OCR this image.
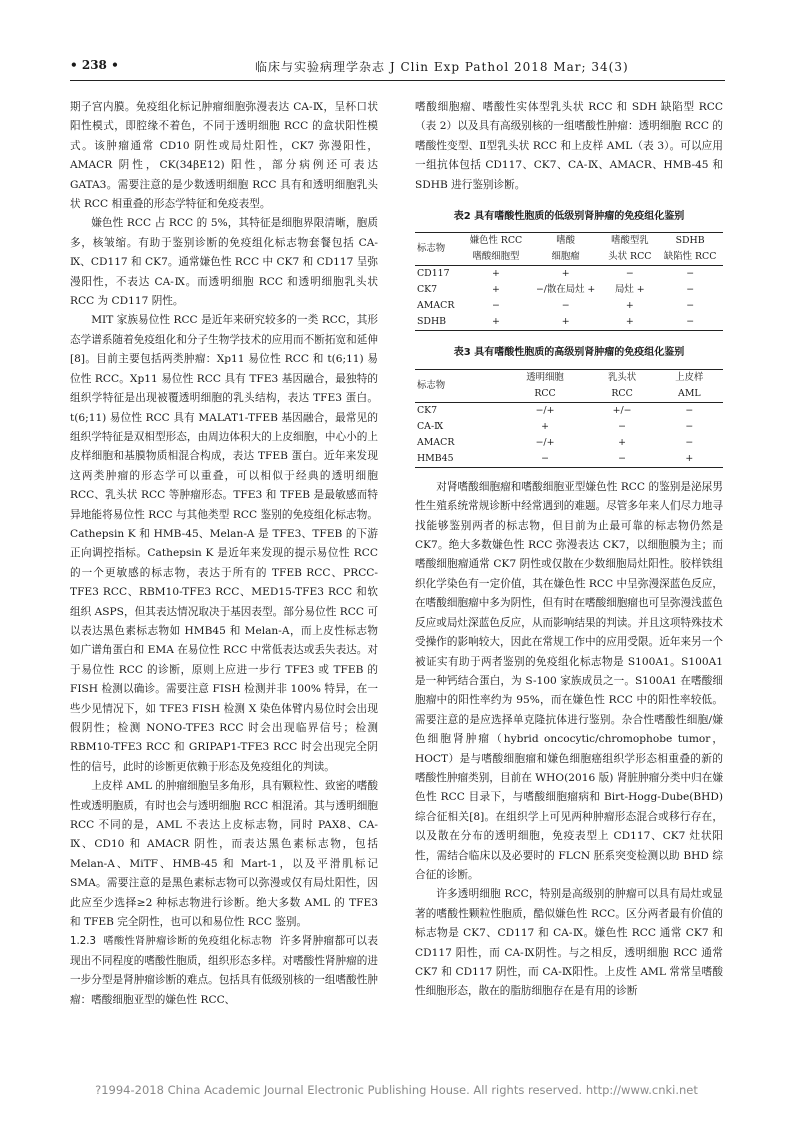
• 238 •	临床与实验病理学杂志 J Clin Exp Pathol 2018 Mar; 34(3)

期子宫内膜。免疫组化标记肿瘤细胞弥漫表达 CA-Ⅸ，呈杯口状阳性模式，即腔缘不着色，不同于透明细胞 RCC 的盒状阳性模式。该肿瘤通常 CD10 阴性或局灶阳性，CK7 弥漫阳性，AMACR 阴性，CK(34βE12) 阳性，部分病例还可表达 GATA3。需要注意的是少数透明细胞 RCC 具有和透明细胞乳头状 RCC 相重叠的形态学特征和免疫表型。

嫌色性 RCC 占 RCC 的 5%，其特征是细胞界限清晰，胞质多，核皱缩。有助于鉴别诊断的免疫组化标志物套餐包括 CA-Ⅸ、CD117 和 CK7。通常嫌色性 RCC 中 CK7 和 CD117 呈弥漫阳性，不表达 CA-Ⅸ。而透明细胞 RCC 和透明细胞乳头状 RCC 为 CD117 阴性。

MIT 家族易位性 RCC 是近年来研究较多的一类 RCC，其形态学谱系随着免疫组化和分子生物学技术的应用而不断拓宽和延伸[8]。目前主要包括两类肿瘤：Xp11 易位性 RCC 和 t(6;11) 易位性 RCC。Xp11 易位性 RCC 具有 TFE3 基因融合，最独特的组织学特征是出现被覆透明细胞的乳头结构，表达 TFE3 蛋白。t(6;11) 易位性 RCC 具有 MALAT1-TFEB 基因融合，最常见的组织学特征是双相型形态，由周边体积大的上皮细胞，中心小的上皮样细胞和基膜物质相混合构成，表达 TFEB 蛋白。近年来发现这两类肿瘤的形态学可以重叠，可以相似于经典的透明细胞 RCC、乳头状 RCC 等肿瘤形态。TFE3 和 TFEB 是最敏感而特异地能将易位性 RCC 与其他类型 RCC 鉴别的免疫组化标志物。Cathepsin K 和 HMB-45、Melan-A 是 TFE3、TFEB 的下游正向调控指标。Cathepsin K 是近年来发现的提示易位性 RCC 的一个更敏感的标志物，表达于所有的 TFEB RCC、PRCC-TFE3 RCC、RBM10-TFE3 RCC、MED15-TFE3 RCC 和软组织 ASPS，但其表达情况取决于基因表型。部分易位性 RCC 可以表达黑色素标志物如 HMB45 和 Melan-A，而上皮性标志物如广谱角蛋白和 EMA 在易位性 RCC 中常低表达或丢失表达。对于易位性 RCC 的诊断，原则上应进一步行 TFE3 或 TFEB 的 FISH 检测以确诊。需要注意 FISH 检测并非 100% 特异，在一些少见情况下，如 TFE3 FISH 检测 X 染色体臂内易位时会出现假阴性；检测 NONO-TFE3 RCC 时会出现临界信号；检测 RBM10-TFE3 RCC 和 GRIPAP1-TFE3 RCC 时会出现完全阴性的信号，此时的诊断更依赖于形态及免疫组化的判读。

上皮样 AML 的肿瘤细胞呈多角形，具有颗粒性、致密的嗜酸性或透明胞质，有时也会与透明细胞 RCC 相混淆。其与透明细胞 RCC 不同的是，AML 不表达上皮标志物，同时 PAX8、CA-Ⅸ、CD10 和 AMACR 阴性，而表达黑色素标志物，包括 Melan-A、MiTF、HMB-45 和 Mart-1，以及平滑肌标记 SMA。需要注意的是黑色素标志物可以弥漫或仅有局灶阳性，因此应至少选择≥2 种标志物进行诊断。绝大多数 AML 的 TFE3 和 TFEB 完全阴性，也可以和易位性 RCC 鉴别。

1.2.3 嗜酸性肾肿瘤诊断的免疫组化标志物 许多肾肿瘤都可以表现出不同程度的嗜酸性胞质，组织形态多样。对嗜酸性肾肿瘤的进一步分型是肾肿瘤诊断的难点。包括具有低级别核的一组嗜酸性肿瘤：嗜酸细胞亚型的嫌色性 RCC、

嗜酸细胞瘤、嗜酸性实体型乳头状 RCC 和 SDH 缺陷型 RCC（表 2）以及具有高级别核的一组嗜酸性肿瘤：透明细胞 RCC 的嗜酸性变型、Ⅱ型乳头状 RCC 和上皮样 AML（表 3）。可以应用一组抗体包括 CD117、CK7、CA-Ⅸ、AMACR、HMB-45 和 SDHB 进行鉴别诊断。

表2 具有嗜酸性胞质的低级别肾肿瘤的免疫组化鉴别
标志物	嫌色性 RCC	嗜酸	嗜酸型乳	SDHB
	嗜酸细胞型	细胞瘤	头状 RCC	缺陷性 RCC
CD117	+	+	−	−
CK7	+	−/散在局灶 +	局灶 +	−
AMACR	−	−	+	−
SDHB	+	+	+	−
表3 具有嗜酸性胞质的高级别肾肿瘤的免疫组化鉴别
标志物	透明细胞	乳头状	上皮样
	RCC	RCC	AML
CK7	−/+	+/−	−
CA-Ⅸ	+	−	−
AMACR	−/+	+	−
HMB45	−	−	+

对肾嗜酸细胞瘤和嗜酸细胞亚型嫌色性 RCC 的鉴别是泌尿男性生殖系统常规诊断中经常遇到的难题。尽管多年来人们尽力地寻找能够鉴别两者的标志物，但目前为止最可靠的标志物仍然是 CK7。绝大多数嫌色性 RCC 弥漫表达 CK7，以细胞膜为主；而嗜酸细胞瘤通常 CK7 阴性或仅散在少数细胞局灶阳性。胶样铁组织化学染色有一定价值，其在嫌色性 RCC 中呈弥漫深蓝色反应，在嗜酸细胞瘤中多为阴性，但有时在嗜酸细胞瘤也可呈弥漫浅蓝色反应或局灶深蓝色反应，从而影响结果的判读。并且这项特殊技术受操作的影响较大，因此在常规工作中的应用受限。近年来另一个被证实有助于两者鉴别的免疫组化标志物是 S100A1。S100A1 是一种钙结合蛋白，为 S-100 家族成员之一。S100A1 在嗜酸细胞瘤中的阳性率约为 95%，而在嫌色性 RCC 中的阳性率较低。需要注意的是应选择单克隆抗体进行鉴别。杂合性嗜酸性细胞/嫌色细胞肾肿瘤（hybrid oncocytic/chromophobe tumor，HOCT）是与嗜酸细胞瘤和嫌色细胞癌组织学形态相重叠的新的嗜酸性肿瘤类别，目前在 WHO(2016 版) 肾脏肿瘤分类中归在嫌色性 RCC 目录下，与嗜酸细胞瘤病和 Birt-Hogg-Dube(BHD) 综合征相关[8]。在组织学上可见两种肿瘤形态混合或移行存在，以及散在分布的透明细胞，免疫表型上 CD117、CK7 灶状阳性，需结合临床以及必要时的 FLCN 胚系突变检测以助 BHD 综合征的诊断。

许多透明细胞 RCC，特别是高级别的肿瘤可以具有局灶或显著的嗜酸性颗粒性胞质，酷似嫌色性 RCC。区分两者最有价值的标志物是 CK7、CD117 和 CA-Ⅸ。嫌色性 RCC 通常 CK7 和 CD117 阳性，而 CA-Ⅸ阴性。与之相反，透明细胞 RCC 通常 CK7 和 CD117 阴性，而 CA-Ⅸ阳性。上皮性 AML 常常呈嗜酸性细胞形态，散在的脂肪细胞存在是有用的诊断

?1994-2018 China Academic Journal Electronic Publishing House. All rights reserved. http://www.cnki.net
